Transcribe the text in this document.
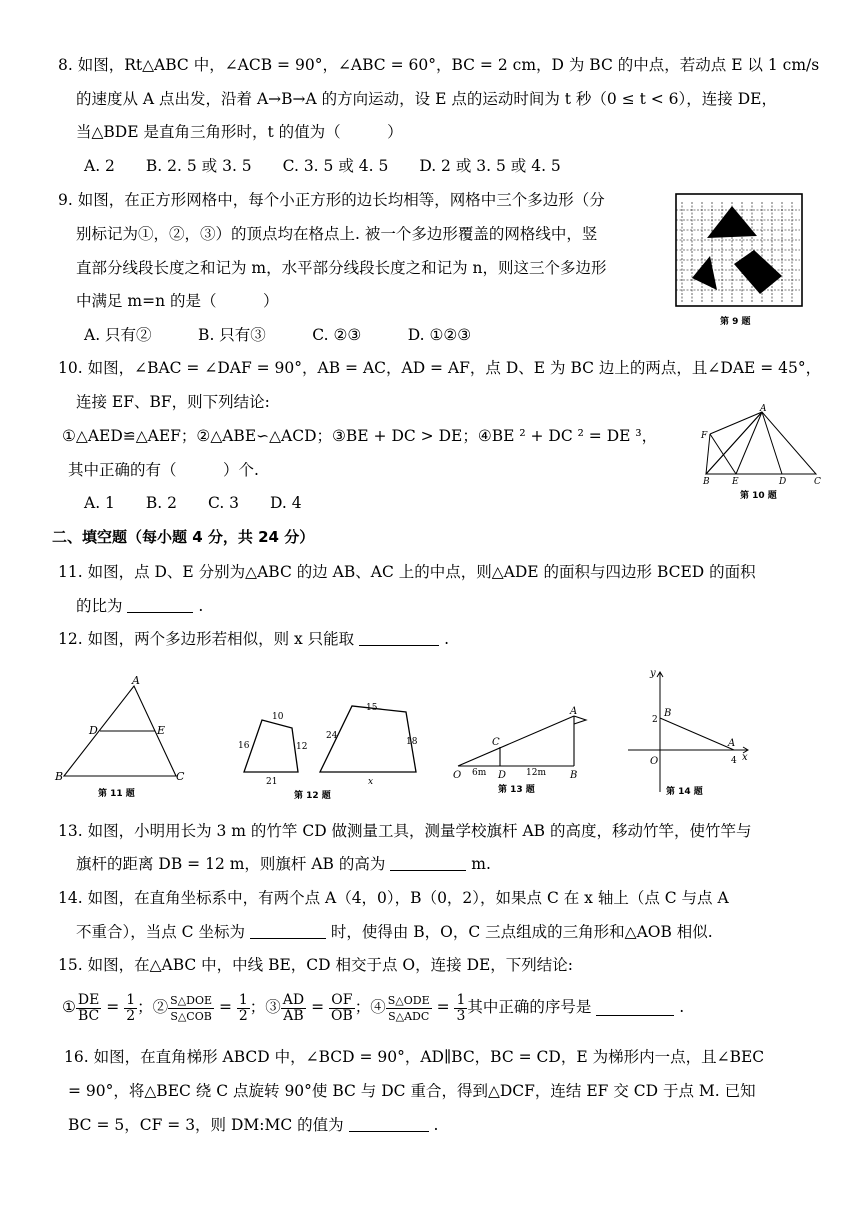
8. 如图，Rt△ABC 中，∠ACB = 90°，∠ABC = 60°，BC = 2 cm，D 为 BC 的中点，若动点 E 以 1 cm/s
的速度从 A 点出发，沿着 A→B→A 的方向运动，设 E 点的运动时间为 t 秒（0 ≤ t < 6），连接 DE，
当△BDE 是直角三角形时，t 的值为（　　　）
A. 2　　B. 2. 5 或 3. 5　　C. 3. 5 或 4. 5　　D. 2 或 3. 5 或 4. 5
9. 如图，在正方形网格中，每个小正方形的边长均相等，网格中三个多边形（分
别标记为①，②，③）的顶点均在格点上. 被一个多边形覆盖的网格线中，竖
直部分线段长度之和记为 m，水平部分线段长度之和记为 n，则这三个多边形
中满足 m=n 的是（　　　）
A. 只有②　　　B. 只有③　　　C. ②③　　　D. ①②③
第 9 题
10. 如图，∠BAC = ∠DAF = 90°，AB = AC，AD = AF，点 D、E 为 BC 边上的两点，且∠DAE = 45°，
连接 EF、BF，则下列结论:
①△AED≌△AEF；②△ABE∽△ACD；③BE + DC > DE；④BE ² + DC ² = DE ³，
其中正确的有（　　　）个.
A. 1　　B. 2　　C. 3　　D. 4
A
F
B E	D	C
第 10 题
二、填空题（每小题 4 分，共 24 分）
11. 如图，点 D、E 分别为△ABC 的边 AB、AC 上的中点，则△ADE 的面积与四边形 BCED 的面积
的比为	.
12. 如图，两个多边形若相似，则 x 只能取	.
A
D	E
B	C
第 11 题
10
16	12
21
15
24
18
x
第 12 题
A
C
O 6m D 12m B
第 13 题
y
x
B
2
A
4
O
第 14 题
13. 如图，小明用长为 3 m 的竹竿 CD 做测量工具，测量学校旗杆 AB 的高度，移动竹竿，使竹竿与
旗杆的距离 DB = 12 m，则旗杆 AB 的高为	m.
14. 如图，在直角坐标系中，有两个点 A（4，0），B（0，2），如果点 C 在 x 轴上（点 C 与点 A
不重合），当点 C 坐标为	时，使得由 B，O，C 三点组成的三角形和△AOB 相似.
15. 如图，在△ABC 中，中线 BE，CD 相交于点 O，连接 DE，下列结论:
① $\frac{DE}{BC} = \frac{1}{2}$ ；② $\frac{\text{S△DOE}}{\text{S△COB}} = \frac{1}{2}$ ；③ $\frac{AD}{AB} = \frac{OF}{OB}$ ；④ $\frac{\text{S△ODE}}{\text{S△ADC}} = \frac{1}{3}$ 其中正确的序号是	.
16. 如图，在直角梯形 ABCD 中，∠BCD = 90°，AD∥BC，BC = CD，E 为梯形内一点，且∠BEC
= 90°，将△BEC 绕 C 点旋转 90°使 BC 与 DC 重合，得到△DCF，连结 EF 交 CD 于点 M. 已知
BC = 5，CF = 3，则 DM:MC 的值为	.
